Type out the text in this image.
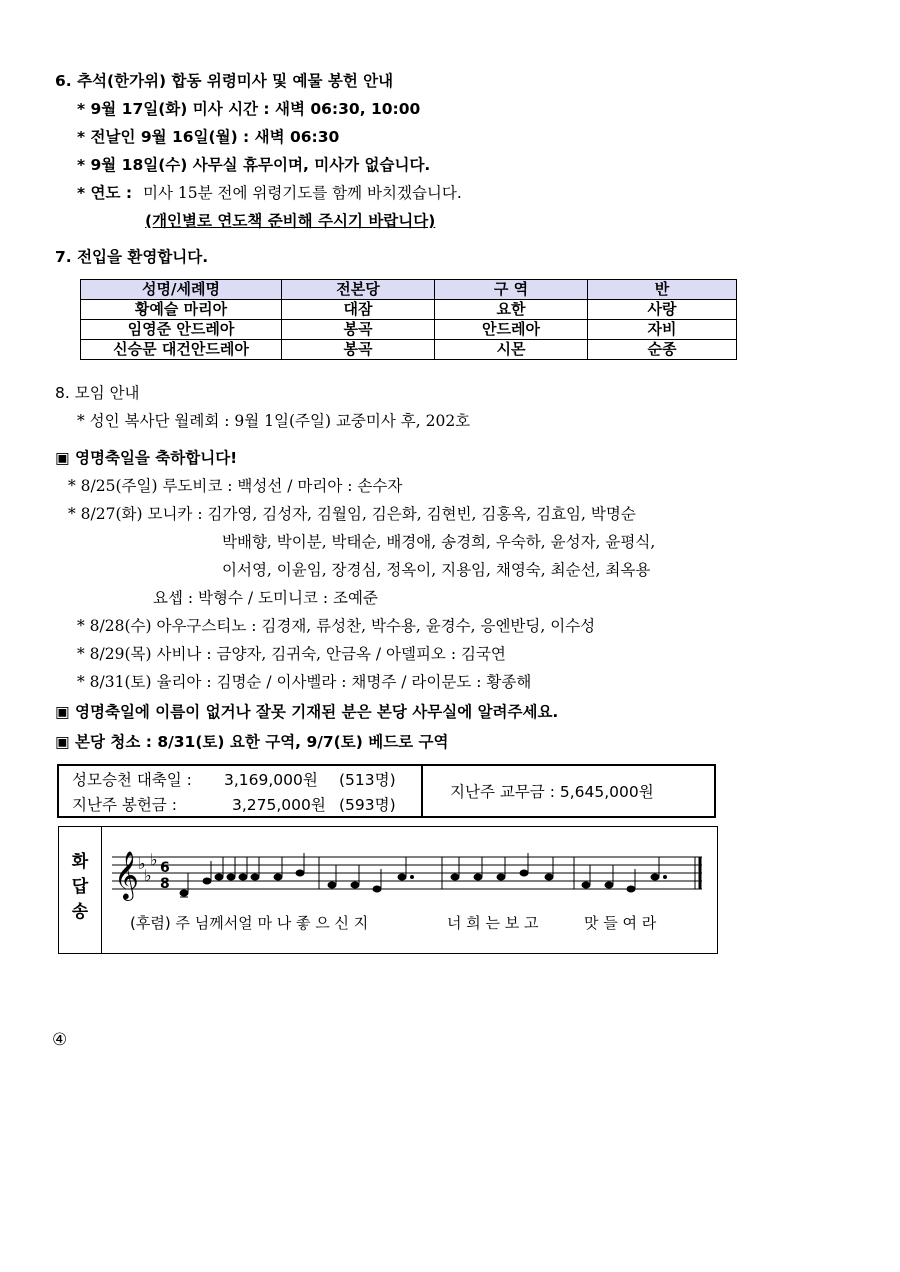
6. 추석(한가위) 합동 위령미사 및 예물 봉헌 안내
* 9월 17일(화) 미사 시간 : 새벽 06:30, 10:00
* 전날인 9월 16일(월) : 새벽 06:30
* 9월 18일(수) 사무실 휴무이며, 미사가 없습니다.
* 연도 : 미사 15분 전에 위령기도를 함께 바치겠습니다.
(개인별로 연도책 준비해 주시기 바랍니다)
7. 전입을 환영합니다.
성명/세례명	전본당	구 역	반
황예슬 마리아	대잠	요한	사랑
임영준 안드레아	봉곡	안드레아	자비
신승문 대건안드레아	봉곡	시몬	순종
8. 모임 안내
* 성인 복사단 월례회 : 9월 1일(주일) 교중미사 후, 202호
▣ 영명축일을 축하합니다!
* 8/25(주일) 루도비코 : 백성선 / 마리아 : 손수자
* 8/27(화) 모니카 : 김가영, 김성자, 김월임, 김은화, 김현빈, 김홍옥, 김효임, 박명순
박배향, 박이분, 박태순, 배경애, 송경희, 우숙하, 윤성자, 윤평식,
이서영, 이윤임, 장경심, 정옥이, 지용임, 채영숙, 최순선, 최옥용
요셉 : 박형수 / 도미니코 : 조예준
* 8/28(수) 아우구스티노 : 김경재, 류성찬, 박수용, 윤경수, 응엔반딩, 이수성
* 8/29(목) 사비나 : 금양자, 김귀숙, 안금옥 / 아델피오 : 김국연
* 8/31(토) 율리아 : 김명순 / 이사벨라 : 채명주 / 라이문도 : 황종해
▣ 영명축일에 이름이 없거나 잘못 기재된 분은 본당 사무실에 알려주세요.
▣ 본당 청소 : 8/31(토) 요한 구역, 9/7(토) 베드로 구역
성모승천 대축일 : 3,169,000원 (513명)
지난주 봉헌금 :	3,275,000원 (593명)
지난주 교무금 : 5,645,000원
화
답
송
𝄞 ♭
♭
♭ 6
8
(후렴) 주 님께서얼 마 나 좋 으 신 지	너 희 는 보 고	맛 들 여 라
④
